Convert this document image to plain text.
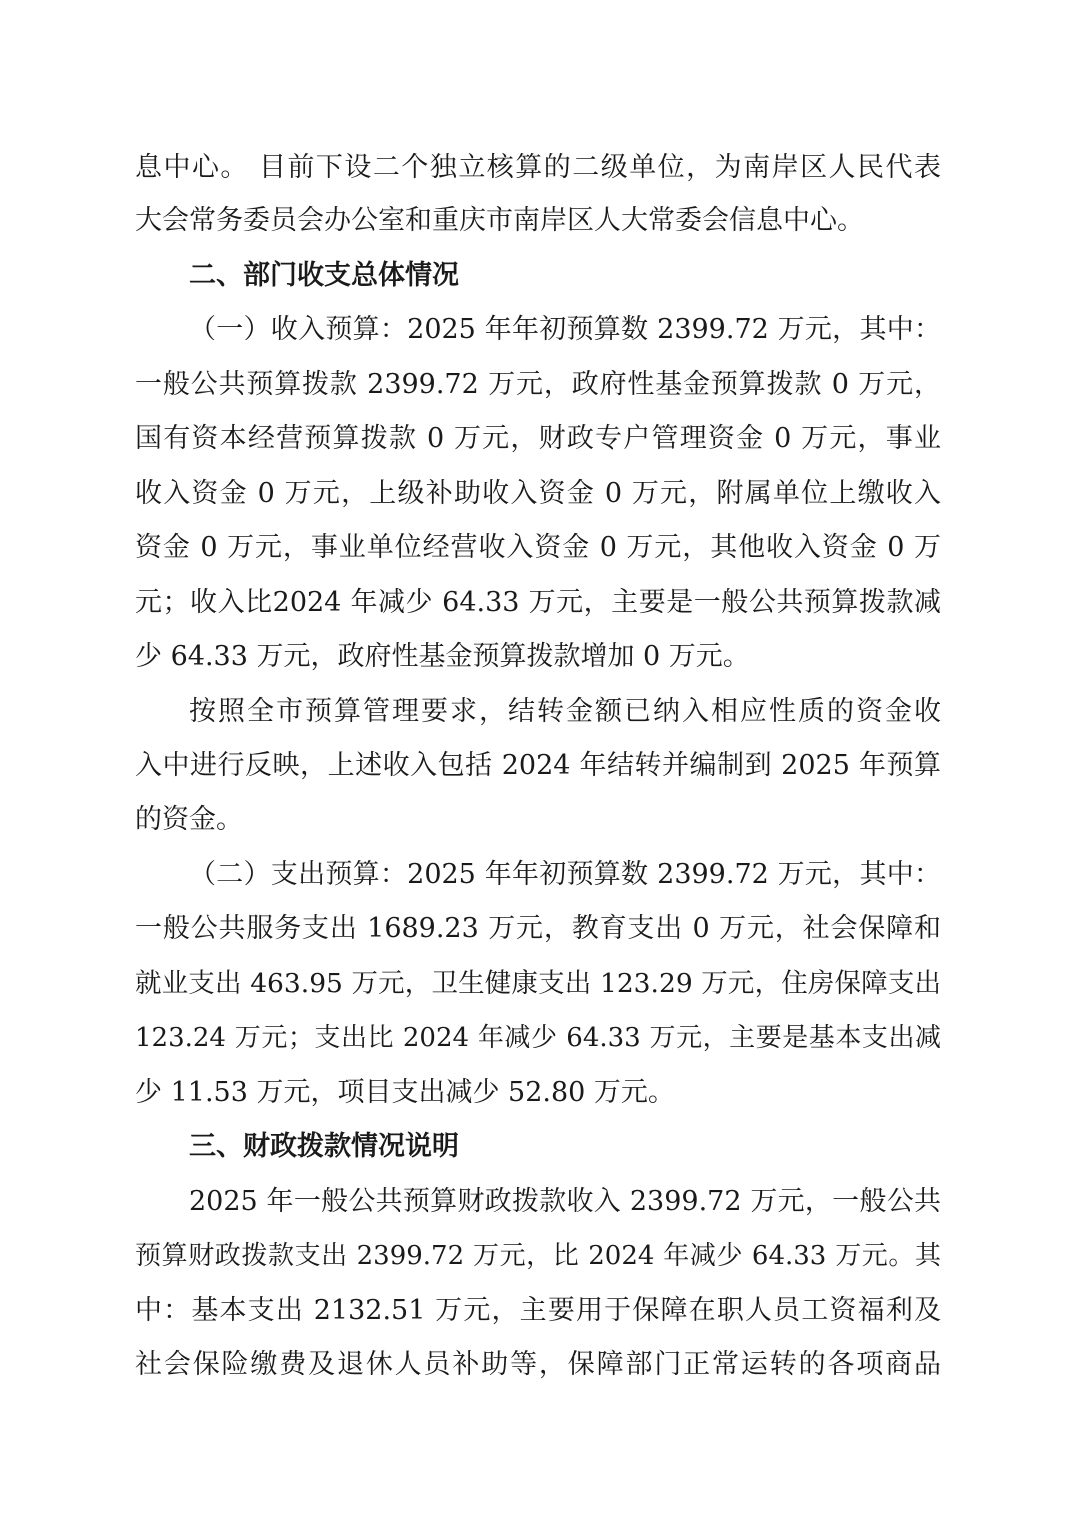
息中心。 目前下设二个独立核算的二级单位，为南岸区人民代表
大会常务委员会办公室和重庆市南岸区人大常委会信息中心。
二、部门收支总体情况
（一）收入预算：2025 年年初预算数 2399.72 万元，其中：
一般公共预算拨款 2399.72 万元，政府性基金预算拨款 0 万元，
国有资本经营预算拨款 0 万元，财政专户管理资金 0 万元，事业
收入资金 0 万元，上级补助收入资金 0 万元，附属单位上缴收入
资金 0 万元，事业单位经营收入资金 0 万元，其他收入资金 0 万
元；收入比2024 年减少 64.33 万元，主要是一般公共预算拨款减
少 64.33 万元，政府性基金预算拨款增加 0 万元。
按照全市预算管理要求，结转金额已纳入相应性质的资金收
入中进行反映，上述收入包括 2024 年结转并编制到 2025 年预算
的资金。
（二）支出预算：2025 年年初预算数 2399.72 万元，其中：
一般公共服务支出 1689.23 万元，教育支出 0 万元，社会保障和
就业支出 463.95 万元，卫生健康支出 123.29 万元，住房保障支出
123.24 万元；支出比 2024 年减少 64.33 万元，主要是基本支出减
少 11.53 万元，项目支出减少 52.80 万元。
三、财政拨款情况说明
2025 年一般公共预算财政拨款收入 2399.72 万元，一般公共
预算财政拨款支出 2399.72 万元，比 2024 年减少 64.33 万元。其
中：基本支出 2132.51 万元，主要用于保障在职人员工资福利及
社会保险缴费及退休人员补助等，保障部门正常运转的各项商品
